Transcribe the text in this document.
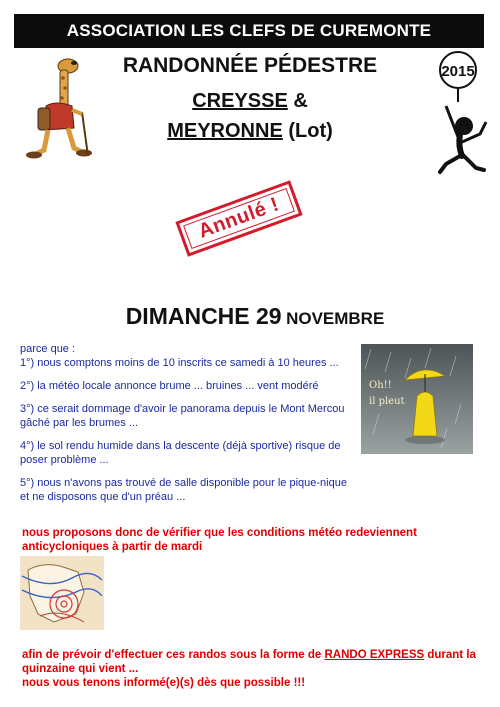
ASSOCIATION LES CLEFS DE CUREMONTE
RANDONNÉE PÉDESTRE
CREYSSE &
MEYRONNE (Lot)
2015
Annulé !
DIMANCHE 29 NOVEMBRE

parce que :

1°) nous comptons moins de 10 inscrits ce samedi à 10 heures ...

2°) la météo locale annonce brume ... bruines ... vent modéré

3°) ce serait dommage d'avoir le panorama depuis le Mont Mercou gâché par les brumes ...

4°) le sol rendu humide dans la descente (déjà sportive) risque de poser problème ...

5°) nous n'avons pas trouvé de salle disponible pour le pique-nique et ne disposons que d'un préau ...

Oh!!
il pleut
nous proposons donc de vérifier que les conditions météo redeviennent anticycloniques à partir de mardi
afin de prévoir d'effectuer ces randos sous la forme de RANDO EXPRESS durant la quinzaine qui vient ...
nous vous tenons informé(e)(s) dès que possible !!!
